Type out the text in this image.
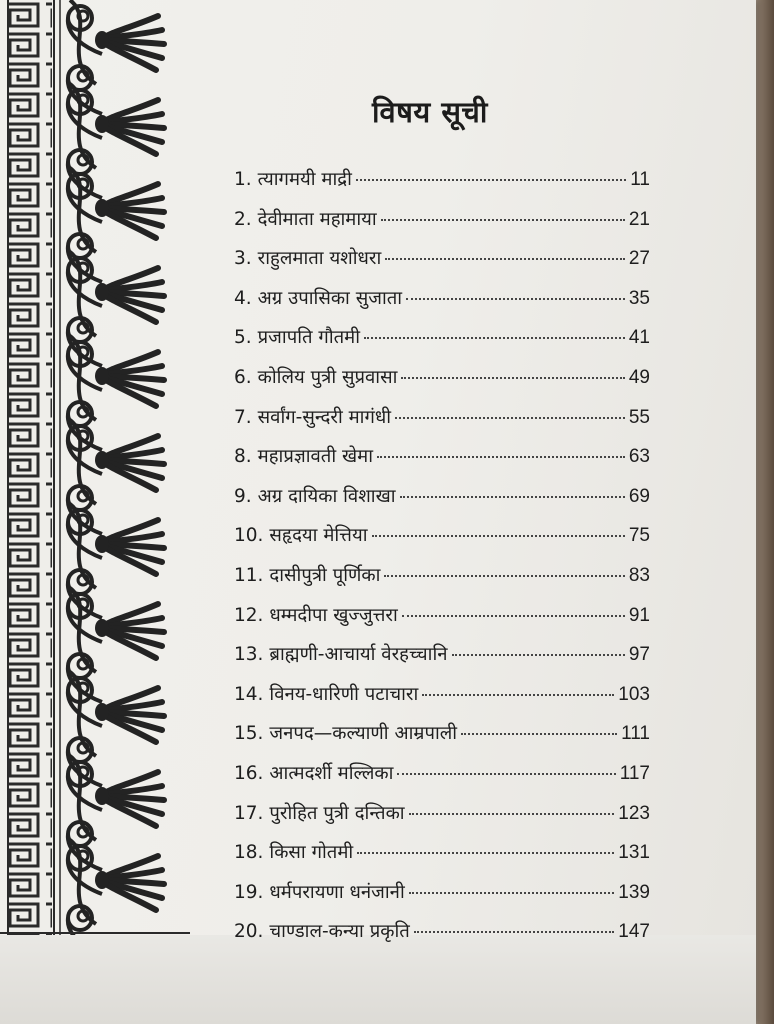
विषय सूची
1. त्यागमयी माद्री	11
2. देवीमाता महामाया	21
3. राहुलमाता यशोधरा	27
4. अग्र उपासिका सुजाता	35
5. प्रजापति गौतमी	41
6. कोलिय पुत्री सुप्रवासा	49
7. सर्वांग-सुन्दरी मागंधी	55
8. महाप्रज्ञावती खेमा	63
9. अग्र दायिका विशाखा	69
10. सहृदया मेत्तिया	75
11. दासीपुत्री पूर्णिका	83
12. धम्मदीपा खुज्जुत्तरा	91
13. ब्राह्मणी-आचार्या वेरहच्चानि	97
14. विनय-धारिणी पटाचारा	103
15. जनपद—कल्याणी आम्रपाली	111
16. आत्मदर्शी मल्लिका	117
17. पुरोहित पुत्री दन्तिका	123
18. किसा गोतमी	131
19. धर्मपरायणा धनंजानी	139
20. चाण्डाल-कन्या प्रकृति	147
